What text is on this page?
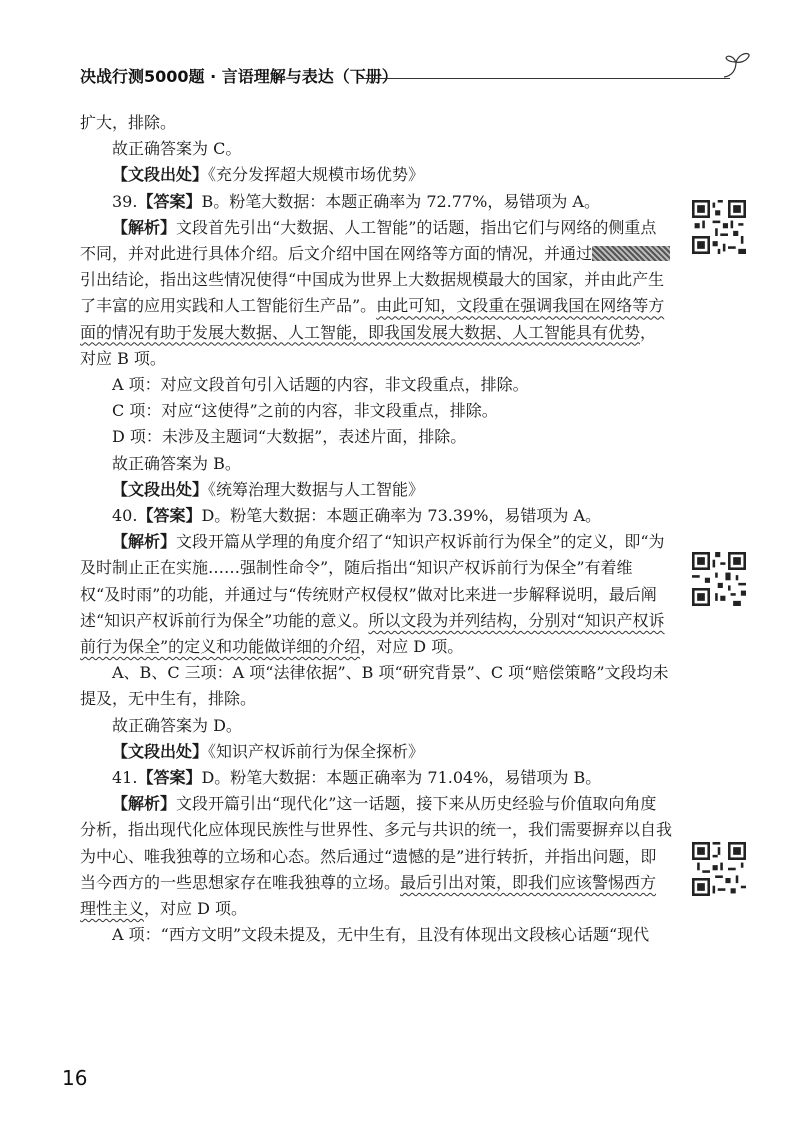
决战行测5000题 · 言语理解与表达（下册）

扩大，排除。

故正确答案为 C。

【文段出处】《充分发挥超大规模市场优势》

39.【答案】B。粉笔大数据：本题正确率为 72.77%，易错项为 A。

【解析】文段首先引出“大数据、人工智能”的话题，指出它们与网络的侧重点不同，并对此进行具体介绍。后文介绍中国在网络等方面的情况，并通过引出结论，指出这些情况使得“中国成为世界上大数据规模最大的国家，并由此产生了丰富的应用实践和人工智能衍生产品”。由此可知，文段重在强调我国在网络等方面的情况有助于发展大数据、人工智能，即我国发展大数据、人工智能具有优势，对应 B 项。

A 项：对应文段首句引入话题的内容，非文段重点，排除。

C 项：对应“这使得”之前的内容，非文段重点，排除。

D 项：未涉及主题词“大数据”，表述片面，排除。

故正确答案为 B。

【文段出处】《统筹治理大数据与人工智能》

40.【答案】D。粉笔大数据：本题正确率为 73.39%，易错项为 A。

【解析】文段开篇从学理的角度介绍了“知识产权诉前行为保全”的定义，即“为及时制止正在实施……强制性命令”，随后指出“知识产权诉前行为保全”有着维权“及时雨”的功能，并通过与“传统财产权侵权”做对比来进一步解释说明，最后阐述“知识产权诉前行为保全”功能的意义。所以文段为并列结构，分别对“知识产权诉前行为保全”的定义和功能做详细的介绍，对应 D 项。

A、B、C 三项：A 项“法律依据”、B 项“研究背景”、C 项“赔偿策略”文段均未提及，无中生有，排除。

故正确答案为 D。

【文段出处】《知识产权诉前行为保全探析》

41.【答案】D。粉笔大数据：本题正确率为 71.04%，易错项为 B。

【解析】文段开篇引出“现代化”这一话题，接下来从历史经验与价值取向角度分析，指出现代化应体现民族性与世界性、多元与共识的统一，我们需要摒弃以自我为中心、唯我独尊的立场和心态。然后通过“遗憾的是”进行转折，并指出问题，即当今西方的一些思想家存在唯我独尊的立场。最后引出对策，即我们应该警惕西方理性主义，对应 D 项。

A 项：“西方文明”文段未提及，无中生有，且没有体现出文段核心话题“现代

16
